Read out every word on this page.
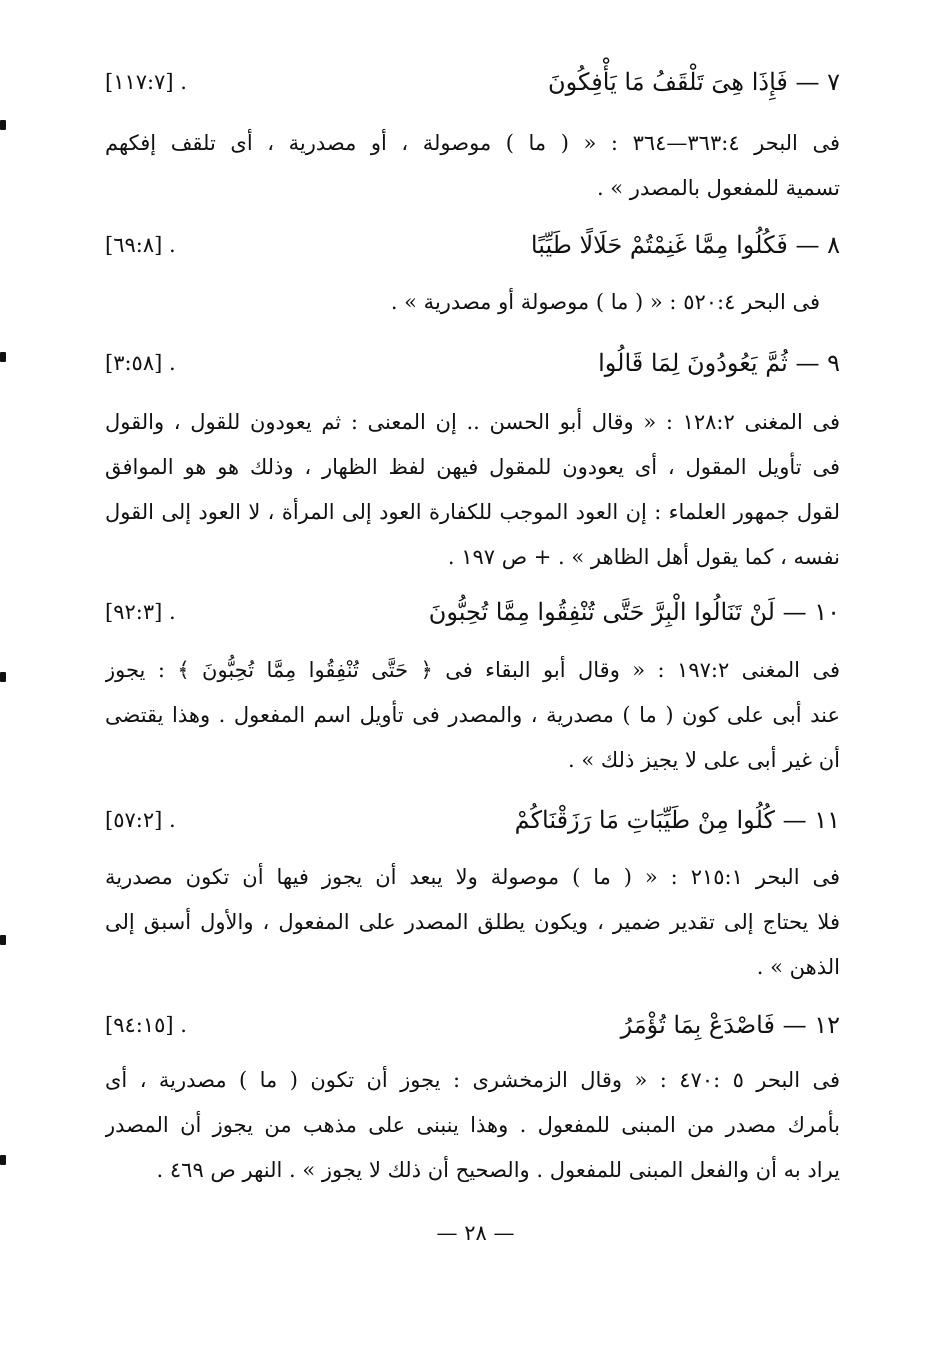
٧ — فَإِذَا هِىَ تَلْقَفُ مَا يَأْفِكُونَ
[١١٧:٧] .
فى البحر ٣٦٣:٤—٣٦٤ : « ( ما ) موصولة ، أو مصدرية ، أى تلقف إفكهم
تسمية للمفعول بالمصدر » .
٨ — فَكُلُوا مِمَّا غَنِمْتُمْ حَلَالًا طَيِّبًا
[٦٩:٨] .
فى البحر ٥٢٠:٤ : « ( ما ) موصولة أو مصدرية » .
٩ — ثُمَّ يَعُودُونَ لِمَا قَالُوا
[٣:٥٨] .
فى المغنى ١٢٨:٢ : « وقال أبو الحسن .. إن المعنى : ثم يعودون للقول ، والقول
فى تأويل المقول ، أى يعودون للمقول فيهن لفظ الظهار ، وذلك هو هو الموافق
لقول جمهور العلماء : إن العود الموجب للكفارة العود إلى المرأة ، لا العود إلى القول
نفسه ، كما يقول أهل الظاهر » . + ص ١٩٧ .
١٠ — لَنْ تَنَالُوا الْبِرَّ حَتَّى تُنْفِقُوا مِمَّا تُحِبُّونَ
[٩٢:٣] .
فى المغنى ١٩٧:٢ : « وقال أبو البقاء فى ﴿ حَتَّى تُنْفِقُوا مِمَّا تُحِبُّونَ ﴾ : يجوز
عند أبى على كون ( ما ) مصدرية ، والمصدر فى تأويل اسم المفعول . وهذا يقتضى
أن غير أبى على لا يجيز ذلك » .
١١ — كُلُوا مِنْ طَيِّبَاتِ مَا رَزَقْنَاكُمْ
[٥٧:٢] .
فى البحر ٢١٥:١ : « ( ما ) موصولة ولا يبعد أن يجوز فيها أن تكون مصدرية
فلا يحتاج إلى تقدير ضمير ، ويكون يطلق المصدر على المفعول ، والأول أسبق إلى
الذهن » .
١٢ — فَاصْدَعْ بِمَا تُؤْمَرُ
[٩٤:١٥] .
فى البحر ٥ :٤٧٠ : « وقال الزمخشرى : يجوز أن تكون ( ما ) مصدرية ، أى
بأمرك مصدر من المبنى للمفعول . وهذا ينبنى على مذهب من يجوز أن المصدر
يراد به أن والفعل المبنى للمفعول . والصحيح أن ذلك لا يجوز » . النهر ص ٤٦٩ .
— ٢٨ —
